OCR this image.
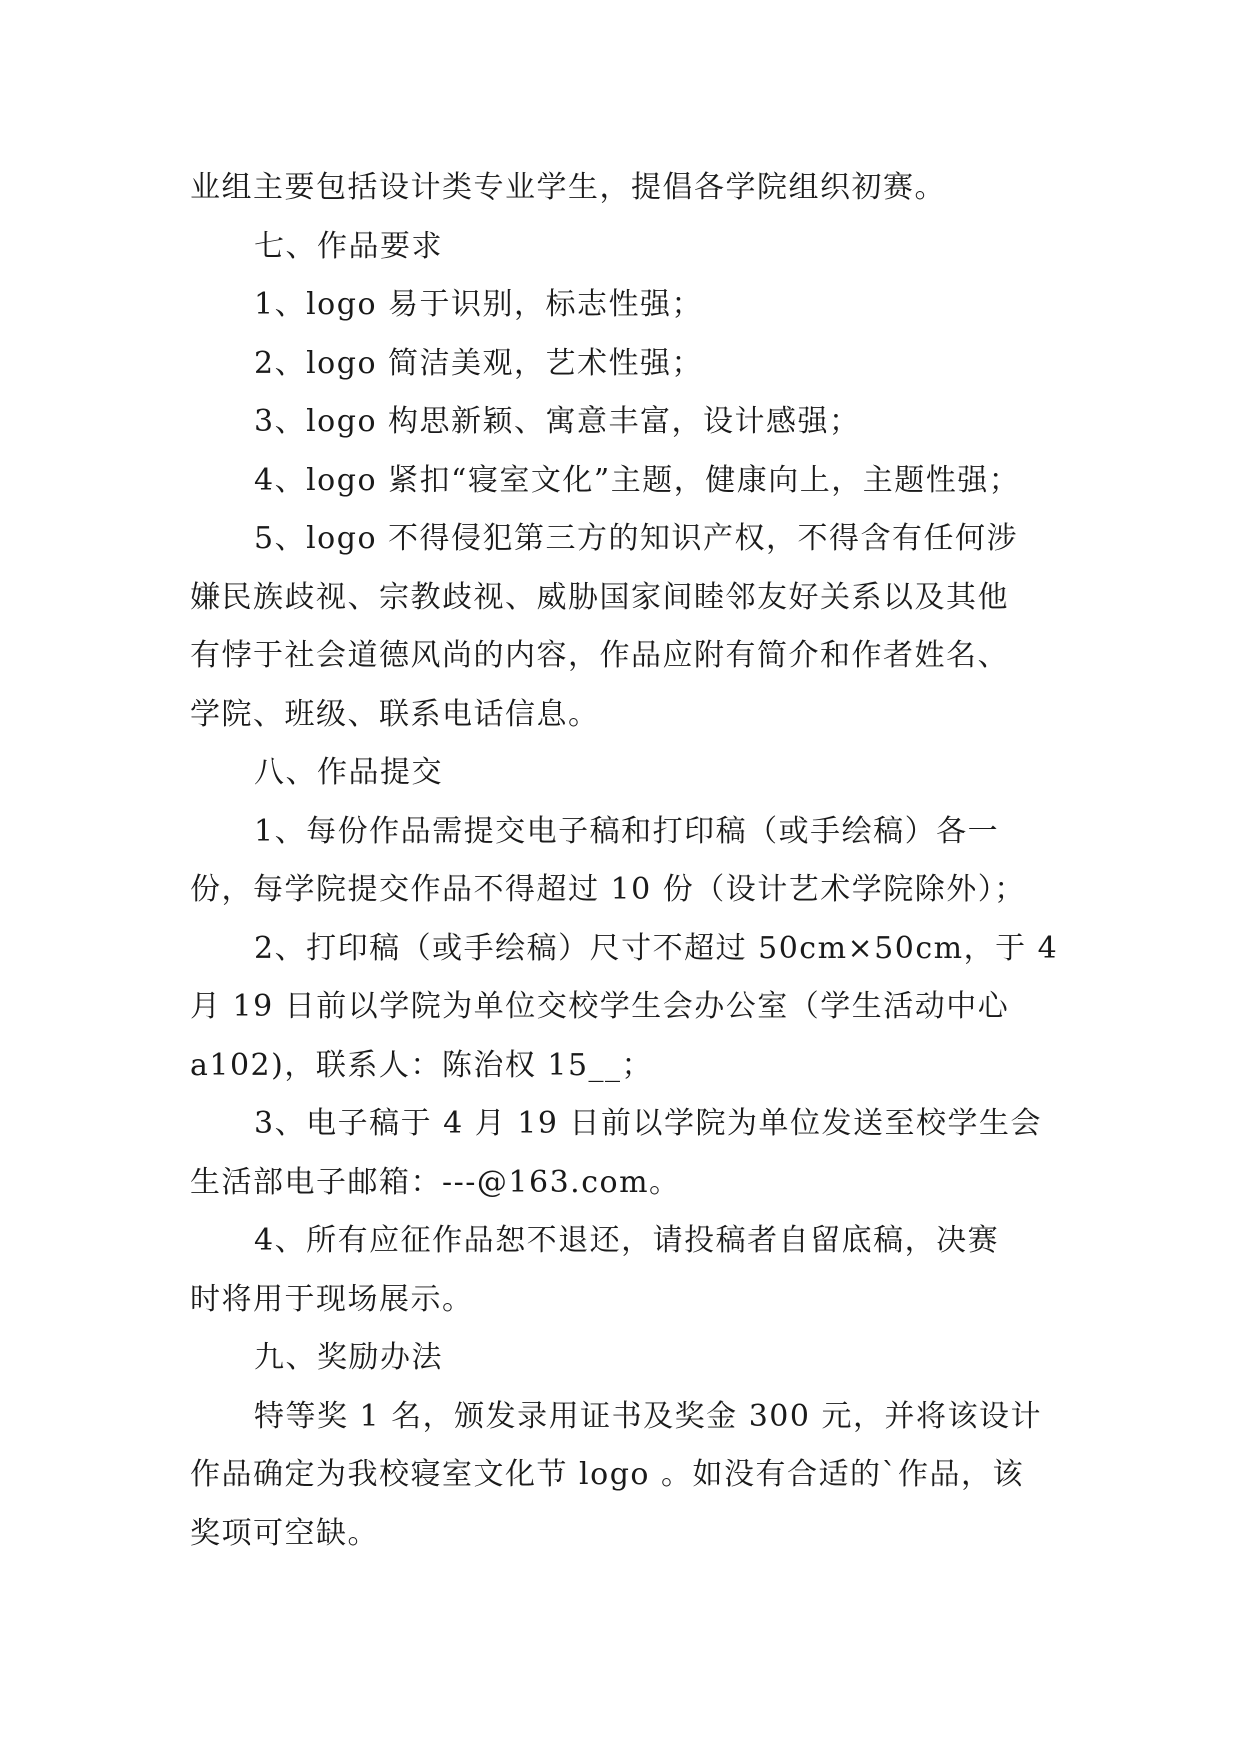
业组主要包括设计类专业学生，提倡各学院组织初赛。

七、作品要求

1、logo 易于识别，标志性强；

2、logo 简洁美观，艺术性强；

3、logo 构思新颖、寓意丰富，设计感强；

4、logo 紧扣“寝室文化”主题，健康向上，主题性强；

5、logo 不得侵犯第三方的知识产权，不得含有任何涉

嫌民族歧视、宗教歧视、威胁国家间睦邻友好关系以及其他

有悖于社会道德风尚的内容，作品应附有简介和作者姓名、

学院、班级、联系电话信息。

八、作品提交

1、每份作品需提交电子稿和打印稿（或手绘稿）各一

份，每学院提交作品不得超过 10 份（设计艺术学院除外）；

2、打印稿（或手绘稿）尺寸不超过 50cm×50cm，于 4

月 19 日前以学院为单位交校学生会办公室（学生活动中心

a102)，联系人：陈治权 15__；

3、电子稿于 4 月 19 日前以学院为单位发送至校学生会

生活部电子邮箱：---@163.com。

4、所有应征作品恕不退还，请投稿者自留底稿，决赛

时将用于现场展示。

九、奖励办法

特等奖 1 名，颁发录用证书及奖金 300 元，并将该设计

作品确定为我校寝室文化节 logo 。如没有合适的`作品，该

奖项可空缺。
